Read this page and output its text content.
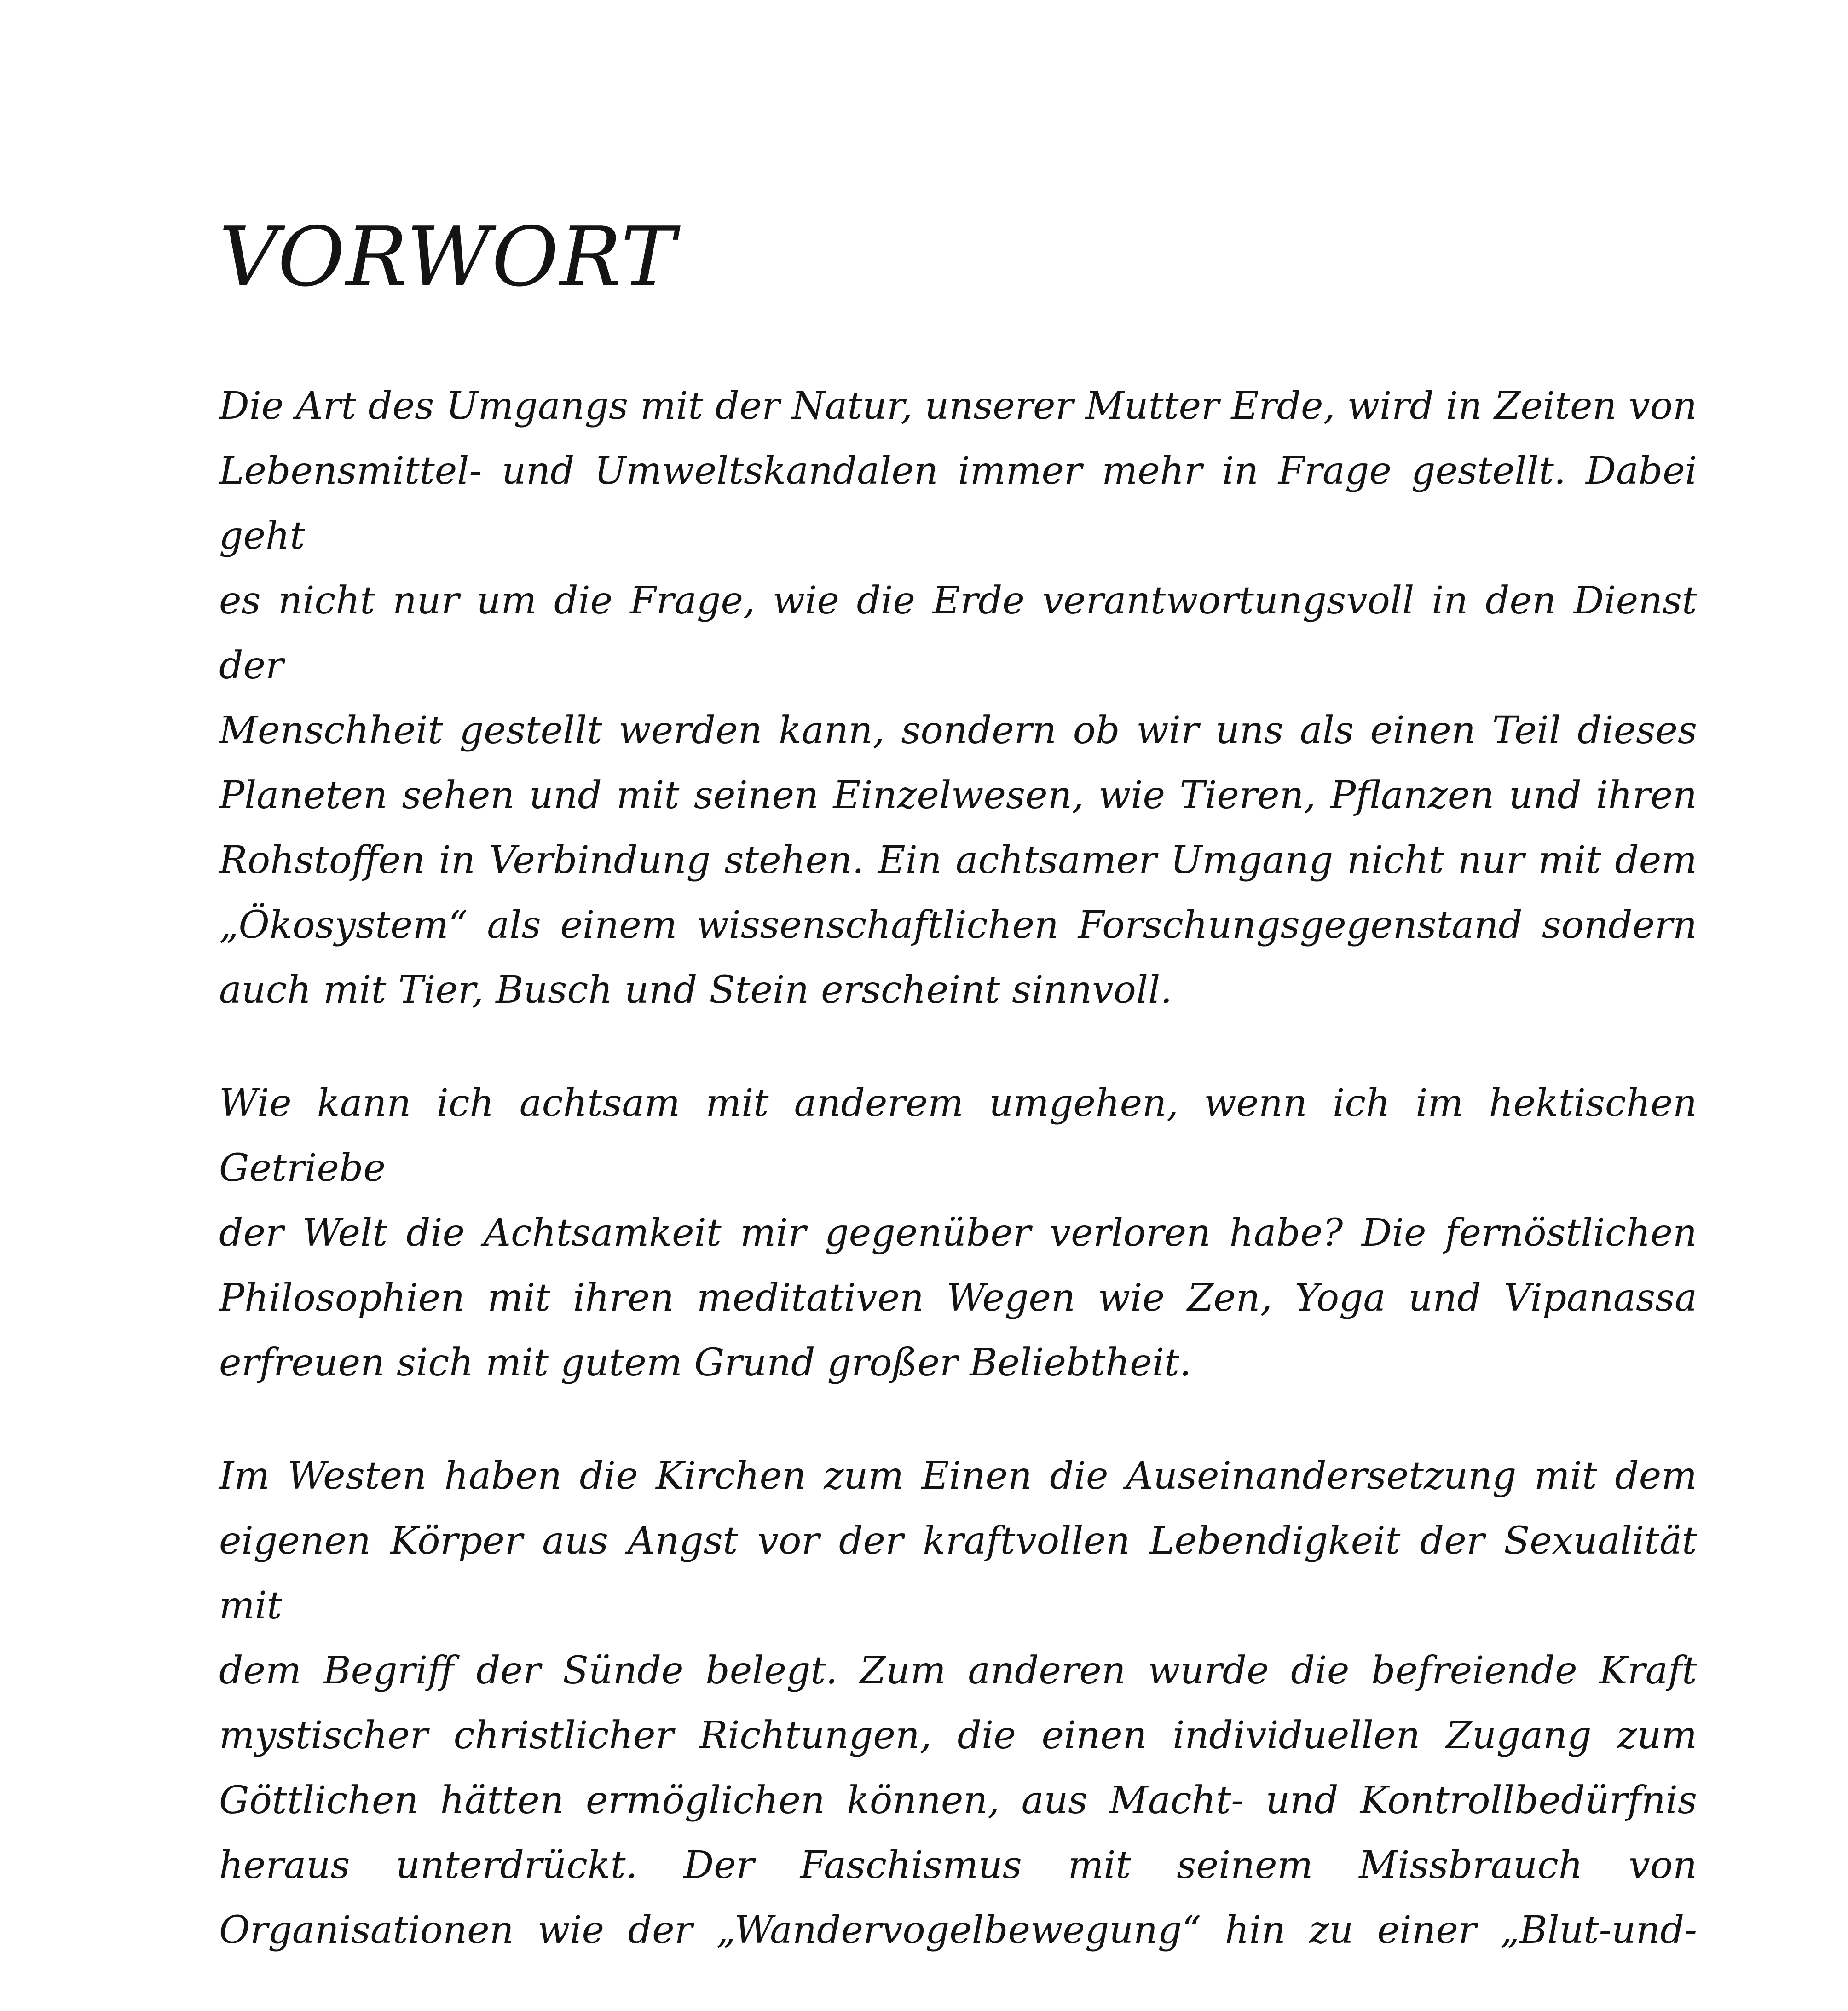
VORWORT

Die Art des Umgangs mit der Natur, unserer Mutter Erde, wird in Zeiten von
Lebensmittel- und Umweltskandalen immer mehr in Frage gestellt. Dabei geht
es nicht nur um die Frage, wie die Erde verantwortungsvoll in den Dienst der
Menschheit gestellt werden kann, sondern ob wir uns als einen Teil dieses
Planeten sehen und mit seinen Einzelwesen, wie Tieren, Pflanzen und ihren
Rohstoffen in Verbindung stehen. Ein achtsamer Umgang nicht nur mit dem
„Ökosystem“ als einem wissenschaftlichen Forschungsgegenstand sondern
auch mit Tier, Busch und Stein erscheint sinnvoll.

Wie kann ich achtsam mit anderem umgehen, wenn ich im hektischen Getriebe
der Welt die Achtsamkeit mir gegenüber verloren habe? Die fernöstlichen
Philosophien mit ihren meditativen Wegen wie Zen, Yoga und Vipanassa
erfreuen sich mit gutem Grund großer Beliebtheit.

Im Westen haben die Kirchen zum Einen die Auseinandersetzung mit dem
eigenen Körper aus Angst vor der kraftvollen Lebendigkeit der Sexualität mit
dem Begriff der Sünde belegt. Zum anderen wurde die befreiende Kraft
mystischer christlicher Richtungen, die einen individuellen Zugang zum
Göttlichen hätten ermöglichen können, aus Macht- und Kontrollbedürfnis
heraus unterdrückt. Der Faschismus mit seinem Missbrauch von
Organisationen wie der „Wandervogelbewegung“ hin zu einer „Blut-und-
